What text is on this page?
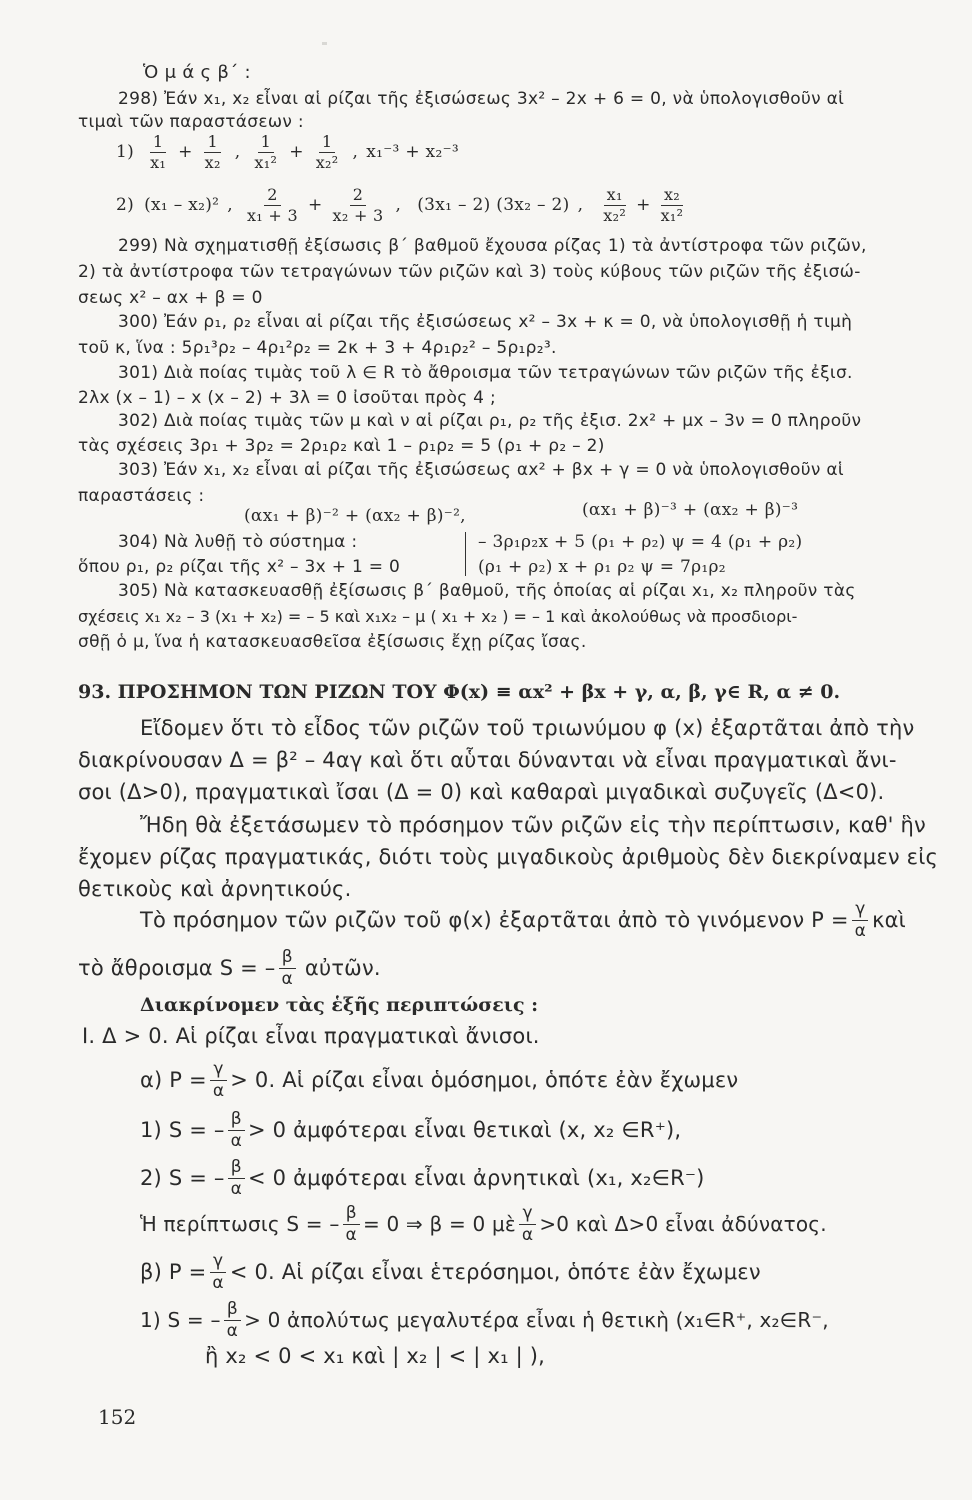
Ὁ μ ά ς β΄ :
298) Ἐάν x₁, x₂ εἶναι αἱ ρίζαι τῆς ἐξισώσεως 3x² – 2x + 6 = 0, νὰ ὑπολογισθοῦν αἱ
τιμαὶ τῶν παραστάσεων :
$1) \frac{1}{\text{x₁}} + \frac{1}{\text{x₂}}$ , $\frac{1}{\text{x₁²}} + \frac{1}{\text{x₂²}}$ , x₁⁻³ + x₂⁻³
2) (x₁ – x₂)² , $\frac{2}{\text{x₁ + 3}} + \frac{2}{\text{x₂ + 3}}$ , (3x₁ – 2) (3x₂ – 2) , $\frac{\text{x₁}}{\text{x₂²}} + \frac{\text{x₂}}{\text{x₁²}}$
299) Νὰ σχηματισθῇ ἐξίσωσις β΄ βαθμοῦ ἔχουσα ρίζας 1) τὰ ἀντίστροφα τῶν ριζῶν,
2) τὰ ἀντίστροφα τῶν τετραγώνων τῶν ριζῶν καὶ 3) τοὺς κύβους τῶν ριζῶν τῆς ἐξισώ-
σεως x² – αx + β = 0
300) Ἐάν ρ₁, ρ₂ εἶναι αἱ ρίζαι τῆς ἐξισώσεως x² – 3x + κ = 0, νὰ ὑπολογισθῇ ἡ τιμὴ
τοῦ κ, ἵνα : 5ρ₁³ρ₂ – 4ρ₁²ρ₂ = 2κ + 3 + 4ρ₁ρ₂² – 5ρ₁ρ₂³.
301) Διὰ ποίας τιμὰς τοῦ λ ∈ R τὸ ἄθροισμα τῶν τετραγώνων τῶν ριζῶν τῆς ἐξισ.
2λx (x – 1) – x (x – 2) + 3λ = 0 ἰσοῦται πρὸς 4 ;
302) Διὰ ποίας τιμὰς τῶν μ καὶ ν αἱ ρίζαι ρ₁, ρ₂ τῆς ἐξισ. 2x² + μx – 3ν = 0 πληροῦν
τὰς σχέσεις 3ρ₁ + 3ρ₂ = 2ρ₁ρ₂ καὶ 1 – ρ₁ρ₂ = 5 (ρ₁ + ρ₂ – 2)
303) Ἐάν x₁, x₂ εἶναι αἱ ρίζαι τῆς ἐξισώσεως αx² + βx + γ = 0 νὰ ὑπολογισθοῦν αἱ
παραστάσεις :
(αx₁ + β)⁻² + (αx₂ + β)⁻²,	(αx₁ + β)⁻³ + (αx₂ + β)⁻³
304) Νὰ λυθῇ τὸ σύστημα :	– 3ρ₁ρ₂x + 5 (ρ₁ + ρ₂) ψ = 4 (ρ₁ + ρ₂)
ὅπου ρ₁, ρ₂ ρίζαι τῆς x² – 3x + 1 = 0	(ρ₁ + ρ₂) x + ρ₁ ρ₂ ψ = 7ρ₁ρ₂
305) Νὰ κατασκευασθῇ ἐξίσωσις β΄ βαθμοῦ, τῆς ὁποίας αἱ ρίζαι x₁, x₂ πληροῦν τὰς
σχέσεις x₁ x₂ – 3 (x₁ + x₂) = – 5 καὶ x₁x₂ – μ ( x₁ + x₂ ) = – 1 καὶ ἀκολούθως νὰ προσδιορι-
σθῇ ὁ μ, ἵνα ἡ κατασκευασθεῖσα ἐξίσωσις ἔχῃ ρίζας ἴσας.
93. ΠΡΟΣΗΜΟΝ ΤΩΝ ΡΙΖΩΝ ΤΟΥ Φ(x) ≡ αx² + βx + γ, α, β, γ∈ R, α ≠ 0.
Εἴδομεν ὅτι τὸ εἶδος τῶν ριζῶν τοῦ τριωνύμου φ (x) ἐξαρτᾶται ἀπὸ τὴν
διακρίνουσαν Δ = β² – 4αγ καὶ ὅτι αὗται δύνανται νὰ εἶναι πραγματικαὶ ἄνι-
σοι (Δ>0), πραγματικαὶ ἴσαι (Δ = 0) καὶ καθαραὶ μιγαδικαὶ συζυγεῖς (Δ<0).
Ἤδη θὰ ἐξετάσωμεν τὸ πρόσημον τῶν ριζῶν εἰς τὴν περίπτωσιν, καθ' ἣν
ἔχομεν ρίζας πραγματικάς, διότι τοὺς μιγαδικοὺς ἀριθμοὺς δὲν διεκρίναμεν εἰς
θετικοὺς καὶ ἀρνητικούς.
Τὸ πρόσημον τῶν ριζῶν τοῦ φ(x) ἐξαρτᾶται ἀπὸ τὸ γινόμενον $P = \frac{\gamma}{\alpha}$ καὶ
τὸ ἄθροισμα S = – $\frac{\beta}{\alpha}$ αὐτῶν.
Διακρίνομεν τὰς ἑξῆς περιπτώσεις :
Ι. Δ > 0. Αἱ ρίζαι εἶναι πραγματικαὶ ἄνισοι.
α) $P = \frac{\gamma}{\alpha} > 0$. Αἱ ρίζαι εἶναι ὁμόσημοι, ὁπότε ἐὰν ἔχωμεν
1) S = – $\frac{\beta}{\alpha} > 0$ ἀμφότεραι εἶναι θετικαὶ (x, x₂ ∈R⁺),
2) S = – $\frac{\beta}{\alpha} < 0$ ἀμφότεραι εἶναι ἀρνητικαὶ (x₁, x₂∈R⁻)
Ἡ περίπτωσις S = – $\frac{\beta}{\alpha} = 0$ ⇒ β = 0 μὲ $\frac{\gamma}{\alpha} >0$ καὶ Δ>0 εἶναι ἀδύνατος.
β) $P = \frac{\gamma}{\alpha} < 0$. Αἱ ρίζαι εἶναι ἑτερόσημοι, ὁπότε ἐὰν ἔχωμεν
1) S = – $\frac{\beta}{\alpha} > 0$ ἀπολύτως μεγαλυτέρα εἶναι ἡ θετικὴ (x₁∈R⁺, x₂∈R⁻,
ἢ x₂ < 0 < x₁ καὶ | x₂ | < | x₁ | ),
152
